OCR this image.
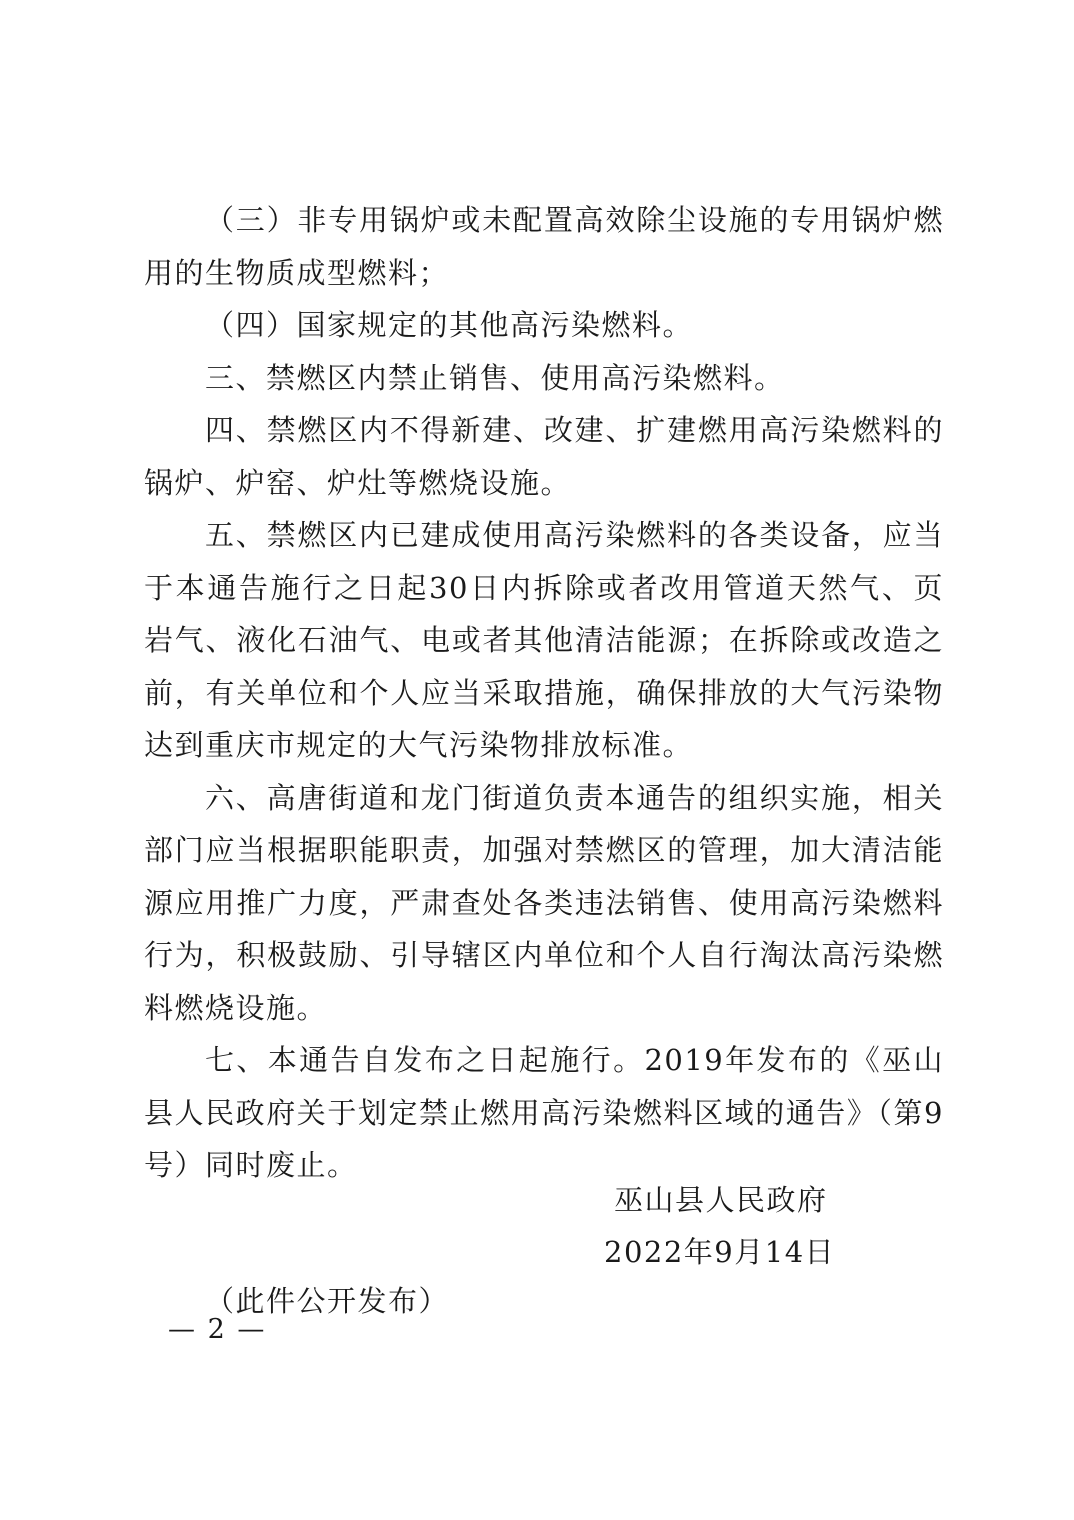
（三）非专用锅炉或未配置高效除尘设施的专用锅炉燃用的生物质成型燃料；

（四）国家规定的其他高污染燃料。

三、禁燃区内禁止销售、使用高污染燃料。

四、禁燃区内不得新建、改建、扩建燃用高污染燃料的锅炉、炉窑、炉灶等燃烧设施。

五、禁燃区内已建成使用高污染燃料的各类设备，应当于本通告施行之日起30日内拆除或者改用管道天然气、页岩气、液化石油气、电或者其他清洁能源；在拆除或改造之前，有关单位和个人应当采取措施，确保排放的大气污染物达到重庆市规定的大气污染物排放标准。

六、高唐街道和龙门街道负责本通告的组织实施，相关部门应当根据职能职责，加强对禁燃区的管理，加大清洁能源应用推广力度，严肃查处各类违法销售、使用高污染燃料行为，积极鼓励、引导辖区内单位和个人自行淘汰高污染燃料燃烧设施。

七、本通告自发布之日起施行。2019年发布的《巫山县人民政府关于划定禁止燃用高污染燃料区域的通告》（第9号）同时废止。

巫山县人民政府
2022年9月14日
（此件公开发布）
— 2 —
